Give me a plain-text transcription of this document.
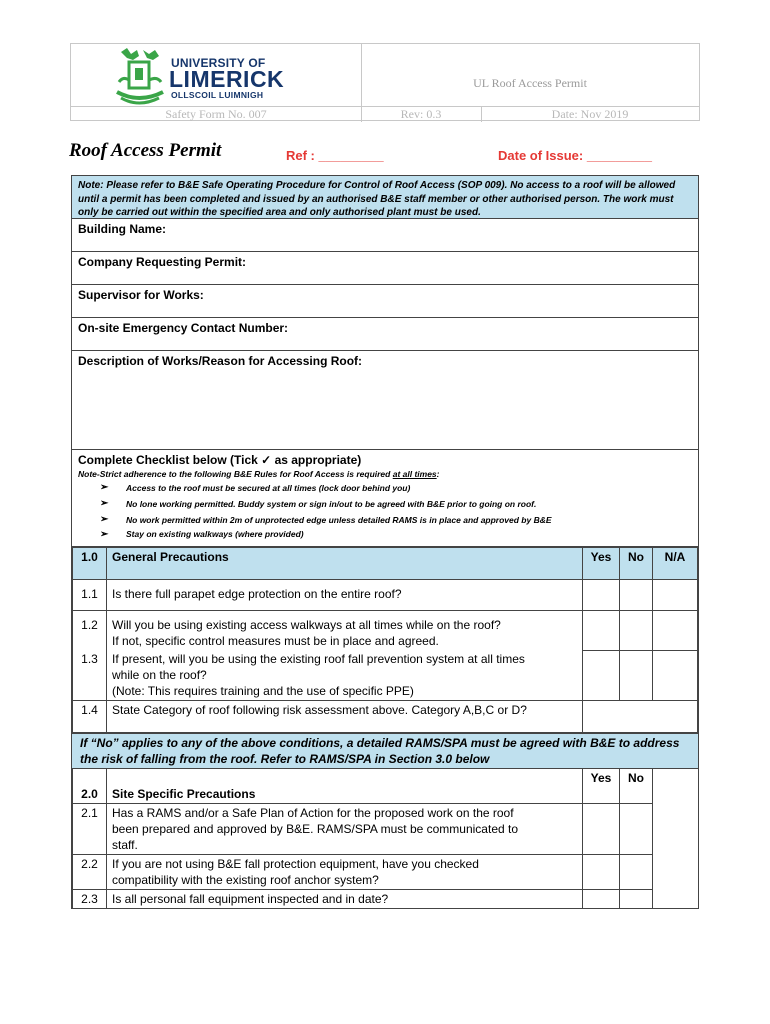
UNIVERSITY OF
LIMERICK
OLLSCOIL LUIMNIGH
UL Roof Access Permit
Safety Form No. 007	Rev: 0.3	Date: Nov 2019
Roof Access Permit	Ref : _________	Date of Issue: _________
Note: Please refer to B&E Safe Operating Procedure for Control of Roof Access (SOP 009). No access to a roof will be allowed until a permit has been completed and issued by an authorised B&E staff member or other authorised person. The work must only be carried out within the specified area and only authorised plant must be used.
Building Name:
Company Requesting Permit:
Supervisor for Works:
On-site Emergency Contact Number:
Description of Works/Reason for Accessing Roof:
Complete Checklist below (Tick ✓ as appropriate)
Note-Strict adherence to the following B&E Rules for Roof Access is required at all times:
➢ Access to the roof must be secured at all times (lock door behind you)
➢ No lone working permitted. Buddy system or sign in/out to be agreed with B&E prior to going on roof.
➢ No work permitted within 2m of unprotected edge unless detailed RAMS is in place and approved by B&E
➢ Stay on existing walkways (where provided)
1.0	General Precautions	Yes	No	N/A
1.1	Is there full parapet edge protection on the entire roof?			
1.2	Will you be using existing access walkways at all times while on the roof?
If not, specific control measures must be in place and agreed.			

1.3	If present, will you be using the existing roof fall prevention system at all times
while on the roof?
(Note: This requires training and the use of specific PPE)			

1.4	State Category of roof following risk assessment above. Category A,B,C or D?			
If “No” applies to any of the above conditions, a detailed RAMS/SPA must be agreed with B&E to address the risk of falling from the roof. Refer to RAMS/SPA in Section 3.0 below
2.0	Site Specific Precautions	Yes	No	
2.1	Has a RAMS and/or a Safe Plan of Action for the proposed work on the roof
been prepared and approved by B&E. RAMS/SPA must be communicated to
staff.			

2.2	If you are not using B&E fall protection equipment, have you checked
compatibility with the existing roof anchor system?			

2.3	Is all personal fall equipment inspected and in date?			
